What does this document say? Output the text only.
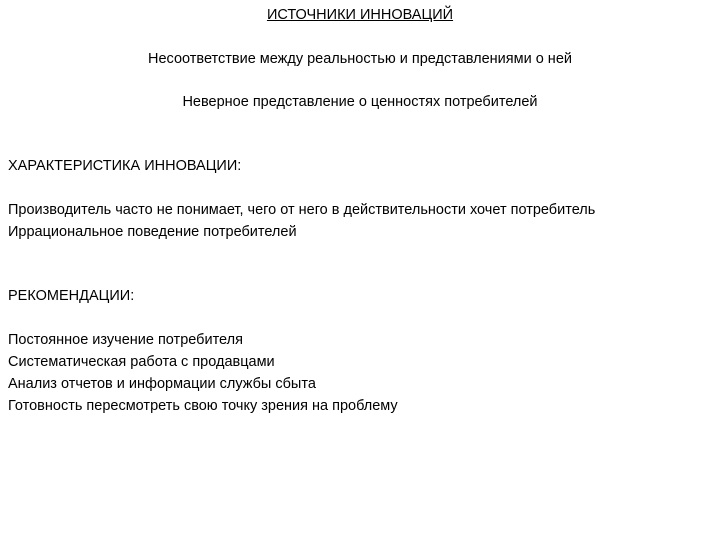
ИСТОЧНИКИ ИННОВАЦИЙ
Несоответствие между реальностью и представлениями о ней
Неверное представление о ценностях потребителей
ХАРАКТЕРИСТИКА ИННОВАЦИИ:
Производитель часто не понимает, чего от него в действительности хочет потребитель
Иррациональное поведение потребителей
РЕКОМЕНДАЦИИ:
Постоянное изучение потребителя
Систематическая работа с продавцами
Анализ отчетов и информации службы сбыта
Готовность пересмотреть свою точку зрения на проблему
